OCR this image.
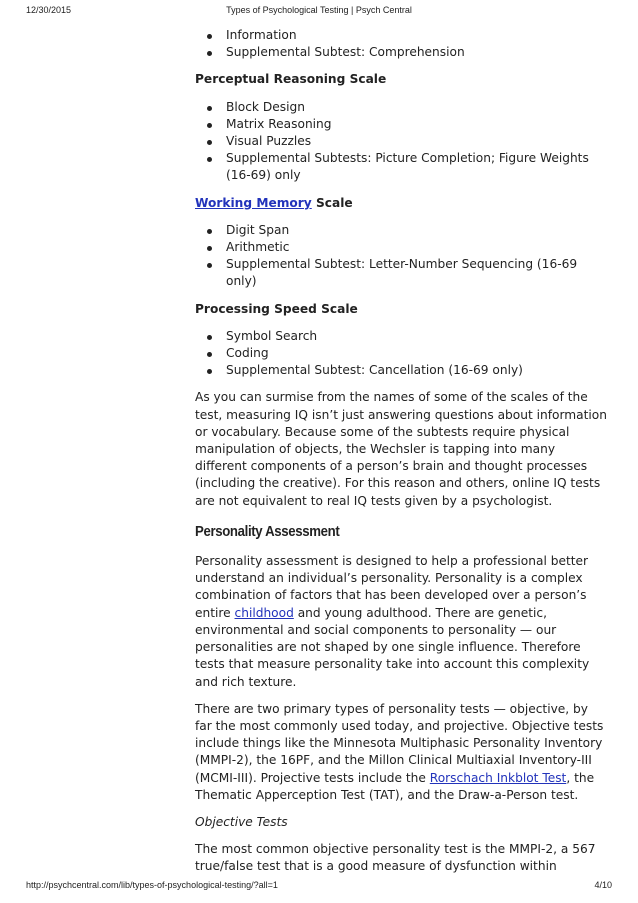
12/30/2015	Types of Psychological Testing | Psych Central
Information
Supplemental Subtest: Comprehension

Perceptual Reasoning Scale

Block Design
Matrix Reasoning
Visual Puzzles
Supplemental Subtests: Picture Completion; Figure Weights (16-69) only

Working Memory Scale

Digit Span
Arithmetic
Supplemental Subtest: Letter-Number Sequencing (16-69 only)

Processing Speed Scale

Symbol Search
Coding
Supplemental Subtest: Cancellation (16-69 only)

As you can surmise from the names of some of the scales of the test, measuring IQ isn’t just answering questions about information or vocabulary. Because some of the subtests require physical manipulation of objects, the Wechsler is tapping into many different components of a person’s brain and thought processes (including the creative). For this reason and others, online IQ tests are not equivalent to real IQ tests given by a psychologist.

Personality Assessment

Personality assessment is designed to help a professional better understand an individual’s personality. Personality is a complex combination of factors that has been developed over a person’s entire childhood and young adulthood. There are genetic, environmental and social components to personality — our personalities are not shaped by one single influence. Therefore tests that measure personality take into account this complexity and rich texture.

There are two primary types of personality tests — objective, by far the most commonly used today, and projective. Objective tests include things like the Minnesota Multiphasic Personality Inventory (MMPI-2), the 16PF, and the Millon Clinical Multiaxial Inventory-III (MCMI-III). Projective tests include the Rorschach Inkblot Test, the Thematic Apperception Test (TAT), and the Draw-a-Person test.

Objective Tests

The most common objective personality test is the MMPI-2, a 567 true/false test that is a good measure of dysfunction within

http://psychcentral.com/lib/types-of-psychological-testing/?all=1	4/10
